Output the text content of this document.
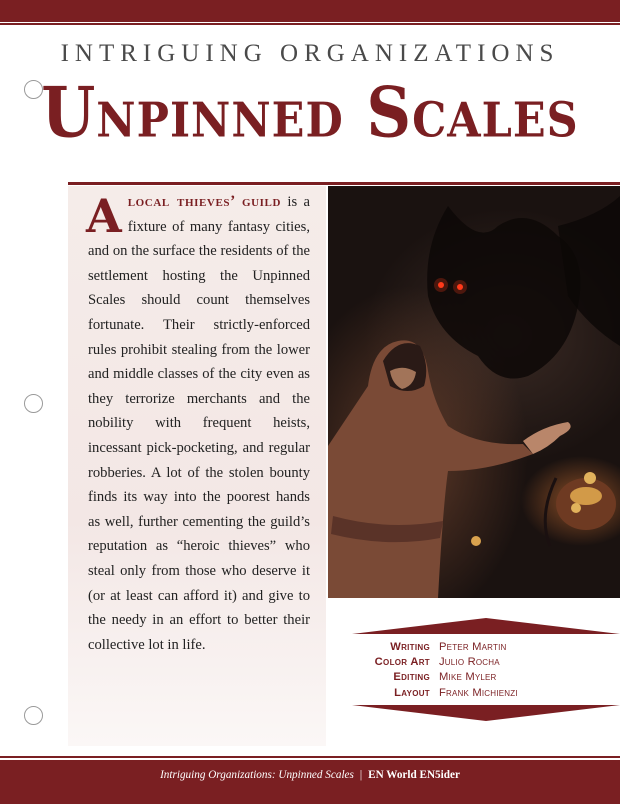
INTRIGUING ORGANIZATIONS
Unpinned Scales
Alocal thieves’ guild is a fixture of many fantasy cities, and on the surface the residents of the settlement hosting the Unpinned Scales should count themselves fortunate. Their strictly-enforced rules prohibit stealing from the lower and middle classes of the city even as they terrorize merchants and the nobility with frequent heists, incessant pick-pocketing, and regular robberies. A lot of the stolen bounty finds its way into the poorest hands as well, further cementing the guild’s reputation as “heroic thieves” who steal only from those who deserve it (or at least can afford it) and give to the needy in an effort to better their collective lot in life.	Writing Peter Martin
Color Art Julio Rocha
Editing Mike Myler
Layout Frank Michienzi
Intriguing Organizations: Unpinned Scales | EN World EN5ider
